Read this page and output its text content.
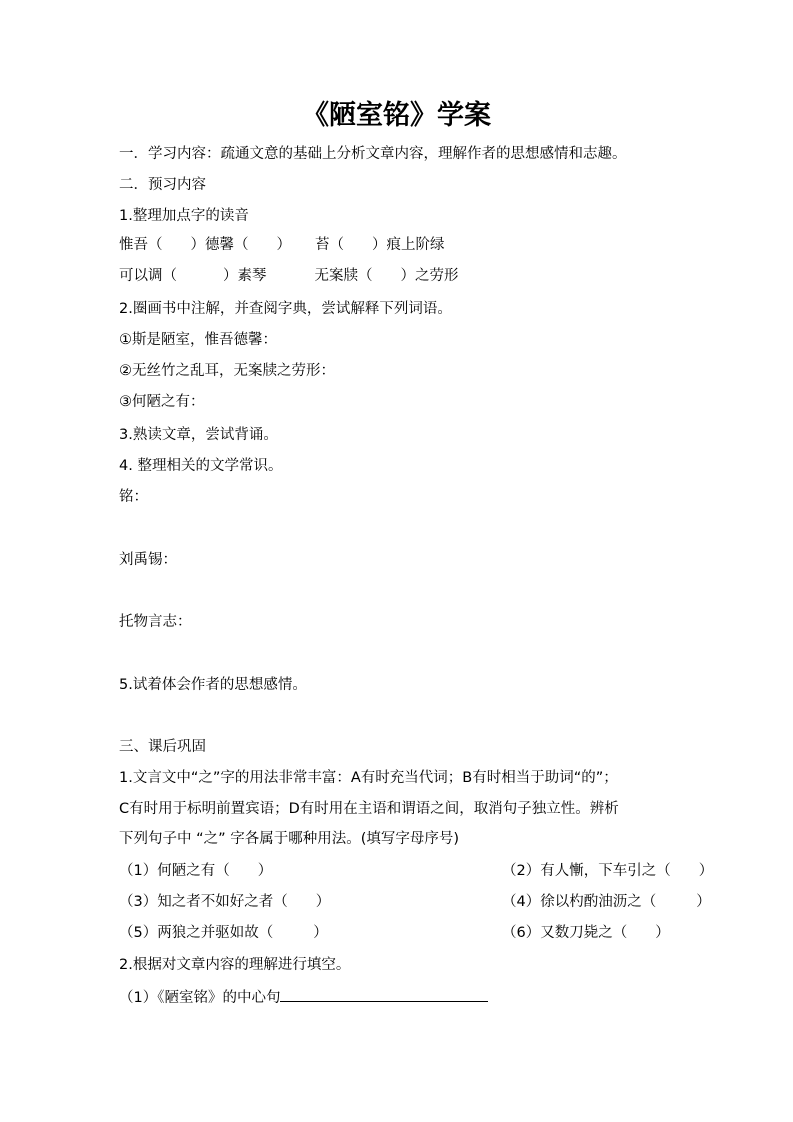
《陋室铭》学案
一．学习内容：疏通文意的基础上分析文章内容，理解作者的思想感情和志趣。
二．预习内容
1.整理加点字的读音
惟吾（ ）德馨（ ） 苔（ ）痕上阶绿
可以调（	）素琴	无案牍（ ）之劳形
2.圈画书中注解，并查阅字典，尝试解释下列词语。
①斯是陋室，惟吾德馨：
②无丝竹之乱耳，无案牍之劳形：
③何陋之有：
3.熟读文章，尝试背诵。
4. 整理相关的文学常识。
铭：
刘禹锡：
托物言志：
5.试着体会作者的思想感情。
三、课后巩固
1.文言文中“之”字的用法非常丰富：A有时充当代词；B有时相当于助词“的”；
C有时用于标明前置宾语；D有时用在主语和谓语之间，取消句子独立性。辨析
下列句子中 “之” 字各属于哪种用法。(填写字母序号)
（1）何陋之有（ ）	（2）有人慚，下车引之（ ）
（3）知之者不如好之者（ ）	（4）徐以杓酌油沥之（	）
（5）两狼之并驱如故（	）	（6）又数刀毙之（ ）
2.根据对文章内容的理解进行填空。
（1）《陋室铭》的中心句
